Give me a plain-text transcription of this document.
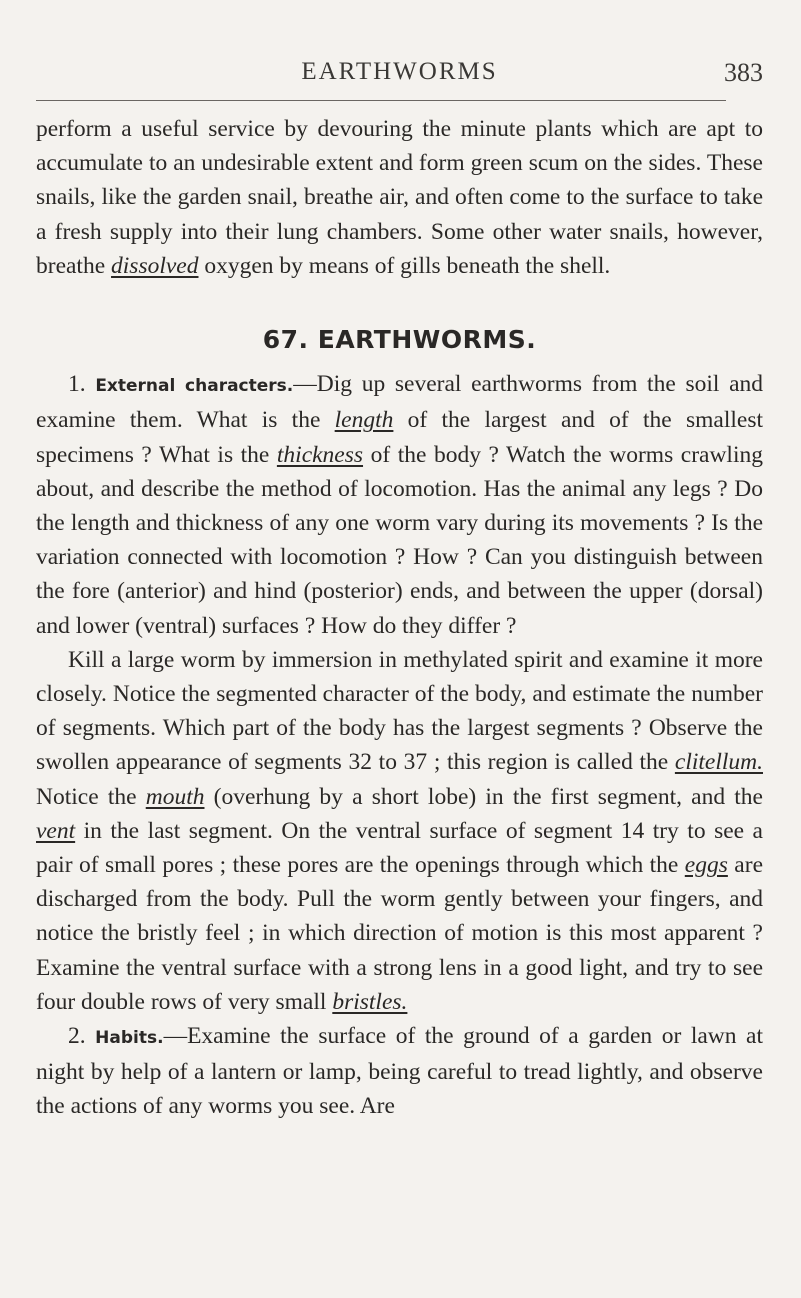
EARTHWORMS	383

perform a useful service by devouring the minute plants which are apt to accumulate to an undesirable extent and form green scum on the sides. These snails, like the garden snail, breathe air, and often come to the surface to take a fresh supply into their lung chambers. Some other water snails, however, breathe dissolved oxygen by means of gills beneath the shell.

67. EARTHWORMS.

1. External characters.—Dig up several earthworms from the soil and examine them. What is the length of the largest and of the smallest specimens ? What is the thickness of the body ? Watch the worms crawling about, and describe the method of locomotion. Has the animal any legs ? Do the length and thickness of any one worm vary during its movements ? Is the variation connected with locomotion ? How ? Can you distinguish between the fore (anterior) and hind (posterior) ends, and between the upper (dorsal) and lower (ventral) surfaces ? How do they differ ?

Kill a large worm by immersion in methylated spirit and examine it more closely. Notice the segmented character of the body, and estimate the number of segments. Which part of the body has the largest segments ? Observe the swollen appearance of segments 32 to 37 ; this region is called the clitellum. Notice the mouth (overhung by a short lobe) in the first segment, and the vent in the last segment. On the ventral surface of segment 14 try to see a pair of small pores ; these pores are the openings through which the eggs are discharged from the body. Pull the worm gently between your fingers, and notice the bristly feel ; in which direction of motion is this most apparent ? Examine the ventral surface with a strong lens in a good light, and try to see four double rows of very small bristles.

2. Habits.—Examine the surface of the ground of a garden or lawn at night by help of a lantern or lamp, being careful to tread lightly, and observe the actions of any worms you see. Are
